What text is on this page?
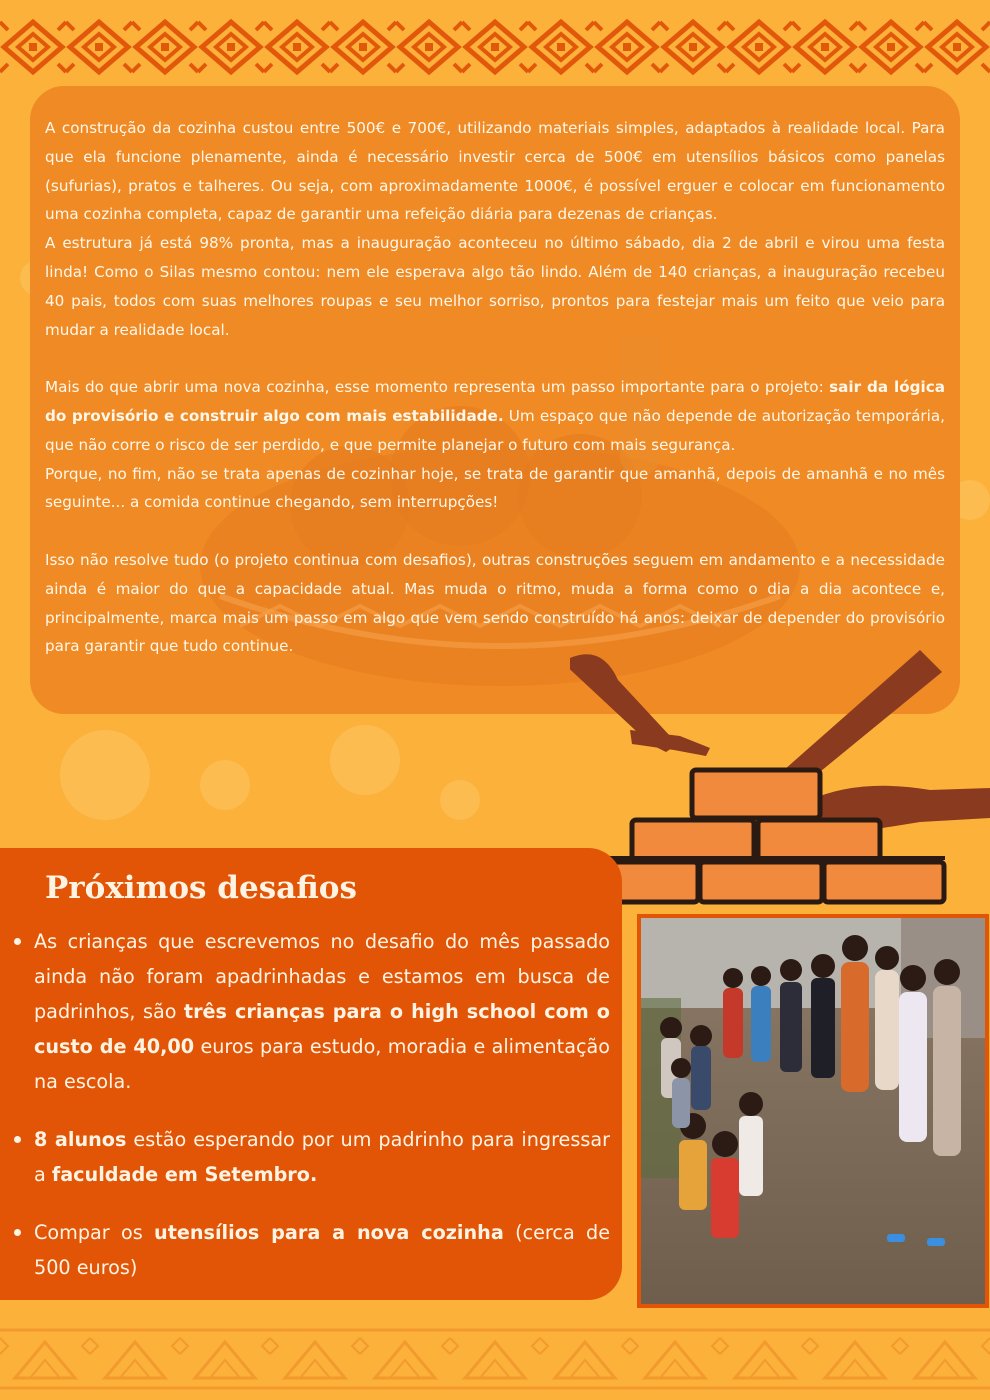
A construção da cozinha custou entre 500€ e 700€, utilizando materiais simples, adaptados à realidade local. Para que ela funcione plenamente, ainda é necessário investir cerca de 500€ em utensílios básicos como panelas (sufurias), pratos e talheres. Ou seja, com aproximadamente 1000€, é possível erguer e colocar em funcionamento uma cozinha completa, capaz de garantir uma refeição diária para dezenas de crianças.

A estrutura já está 98% pronta, mas a inauguração aconteceu no último sábado, dia 2 de abril e virou uma festa linda! Como o Silas mesmo contou: nem ele esperava algo tão lindo. Além de 140 crianças, a inauguração recebeu 40 pais, todos com suas melhores roupas e seu melhor sorriso, prontos para festejar mais um feito que veio para mudar a realidade local.

Mais do que abrir uma nova cozinha, esse momento representa um passo importante para o projeto: sair da lógica do provisório e construir algo com mais estabilidade. Um espaço que não depende de autorização temporária, que não corre o risco de ser perdido, e que permite planejar o futuro com mais segurança.

Porque, no fim, não se trata apenas de cozinhar hoje, se trata de garantir que amanhã, depois de amanhã e no mês seguinte... a comida continue chegando, sem interrupções!

Isso não resolve tudo (o projeto continua com desafios), outras construções seguem em andamento e a necessidade ainda é maior do que a capacidade atual. Mas muda o ritmo, muda a forma como o dia a dia acontece e, principalmente, marca mais um passo em algo que vem sendo construído há anos: deixar de depender do provisório para garantir que tudo continue.

Próximos desafios
As crianças que escrevemos no desafio do mês passado ainda não foram apadrinhadas e estamos em busca de padrinhos, são três crianças para o high school com o custo de 40,00 euros para estudo, moradia e alimentação na escola.
8 alunos estão esperando por um padrinho para ingressar a faculdade em Setembro.
Compar os utensílios para a nova cozinha (cerca de 500 euros)
